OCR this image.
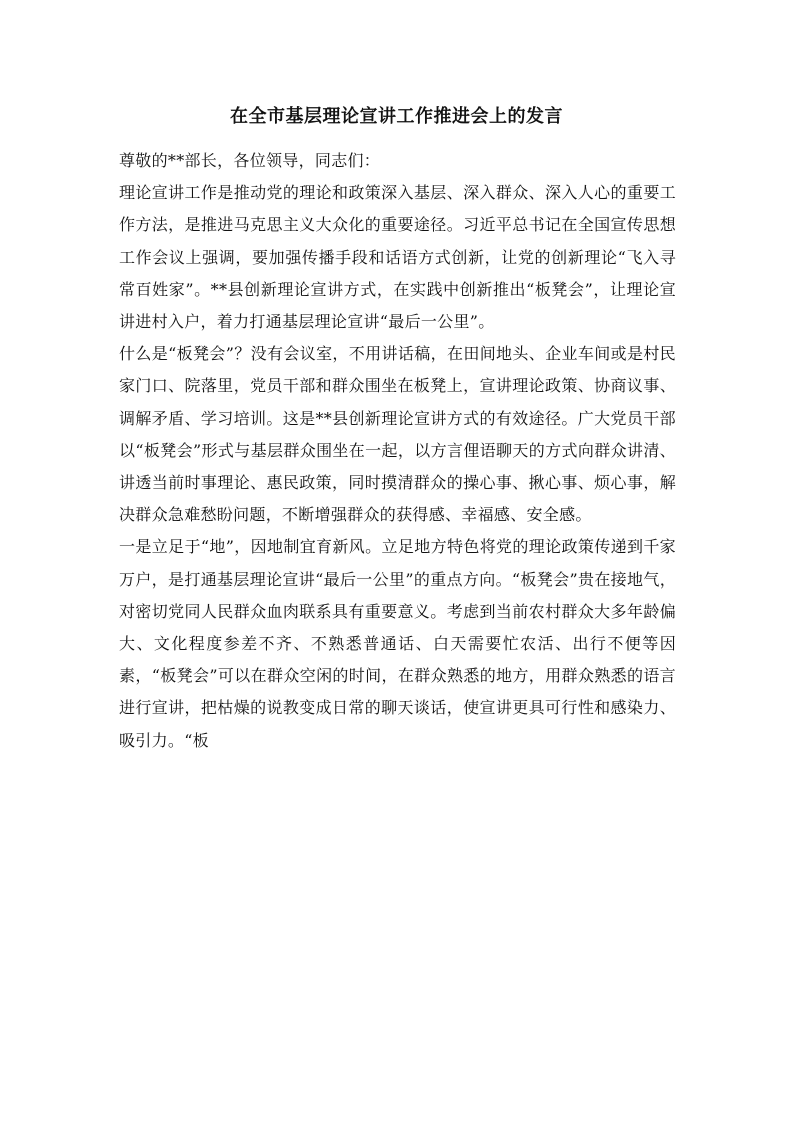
在全市基层理论宣讲工作推进会上的发言

尊敬的**部长，各位领导，同志们：

理论宣讲工作是推动党的理论和政策深入基层、深入群众、深入人心的重要工作方法，是推进马克思主义大众化的重要途径。习近平总书记在全国宣传思想工作会议上强调，要加强传播手段和话语方式创新，让党的创新理论“飞入寻常百姓家”。**县创新理论宣讲方式，在实践中创新推出“板凳会”，让理论宣讲进村入户，着力打通基层理论宣讲“最后一公里”。

什么是“板凳会”？没有会议室，不用讲话稿，在田间地头、企业车间或是村民家门口、院落里，党员干部和群众围坐在板凳上，宣讲理论政策、协商议事、调解矛盾、学习培训。这是**县创新理论宣讲方式的有效途径。广大党员干部以“板凳会”形式与基层群众围坐在一起，以方言俚语聊天的方式向群众讲清、讲透当前时事理论、惠民政策，同时摸清群众的操心事、揪心事、烦心事，解决群众急难愁盼问题，不断增强群众的获得感、幸福感、安全感。

一是立足于“地”，因地制宜育新风。立足地方特色将党的理论政策传递到千家万户，是打通基层理论宣讲“最后一公里”的重点方向。“板凳会”贵在接地气，对密切党同人民群众血肉联系具有重要意义。考虑到当前农村群众大多年龄偏大、文化程度参差不齐、不熟悉普通话、白天需要忙农活、出行不便等因素，“板凳会”可以在群众空闲的时间，在群众熟悉的地方，用群众熟悉的语言进行宣讲，把枯燥的说教变成日常的聊天谈话，使宣讲更具可行性和感染力、吸引力。“板
